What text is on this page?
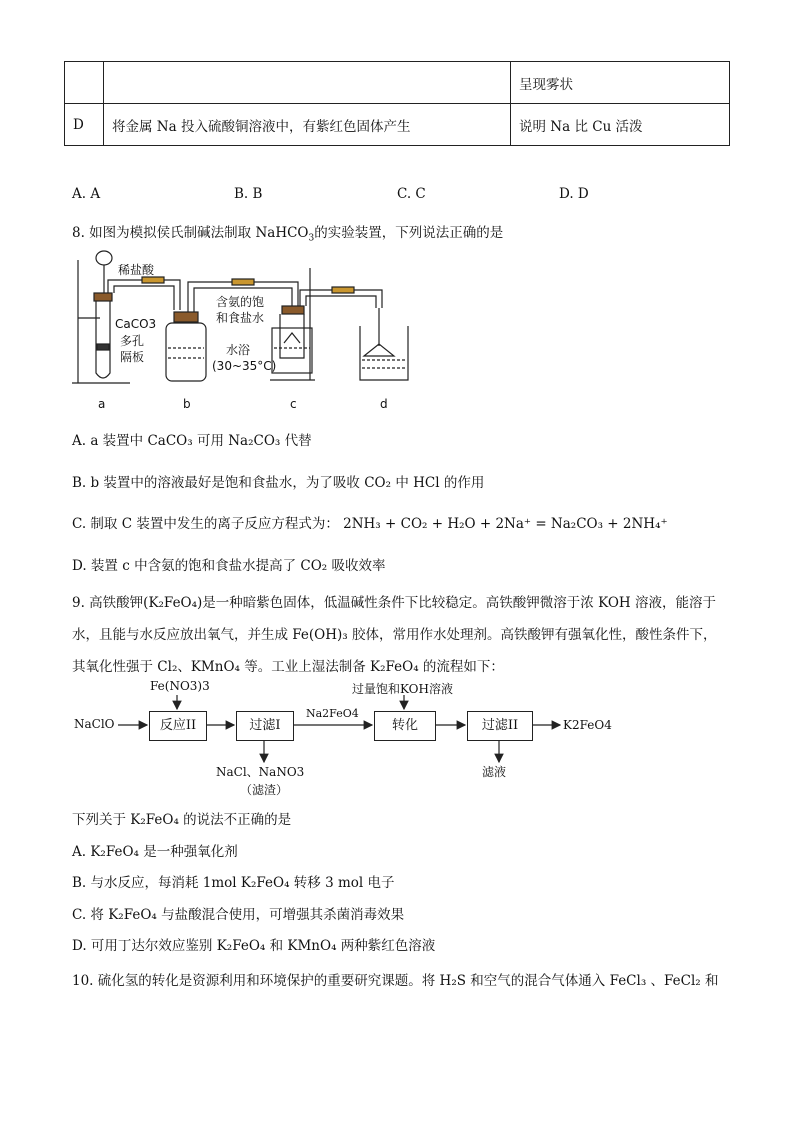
		呈现雾状
D	将金属 Na 投入硫酸铜溶液中，有紫红色固体产生	说明 Na 比 Cu 活泼
A. A	B. B	C. C	D. D
8. 如图为模拟侯氏制碱法制取 NaHCO$_3$的实验装置，下列说法正确的是
稀盐酸
CaCO3
多孔
隔板
含氨的饱
和食盐水
水浴
(30~35°C)
a	b	c	d
A. a 装置中 CaCO₃ 可用 Na₂CO₃ 代替
B. b 装置中的溶液最好是饱和食盐水，为了吸收 CO₂ 中 HCl 的作用
C. 制取 C 装置中发生的离子反应方程式为： 2NH₃ + CO₂ + H₂O + 2Na⁺ = Na₂CO₃ + 2NH₄⁺
D. 装置 c 中含氨的饱和食盐水提高了 CO₂ 吸收效率
9. 高铁酸钾(K₂FeO₄)是一种暗紫色固体，低温碱性条件下比较稳定。高铁酸钾微溶于浓 KOH 溶液，能溶于
水，且能与水反应放出氧气，并生成 Fe(OH)₃ 胶体，常用作水处理剂。高铁酸钾有强氧化性，酸性条件下，
其氧化性强于 Cl₂、KMnO₄ 等。工业上湿法制备 K₂FeO₄ 的流程如下：
Fe(NO3)3	过量饱和KOH溶液
NaClO	反应II	过滤I
Na2FeO4
转化	过滤II	K2FeO4
NaCl、NaNO3
（滤渣）
滤液
下列关于 K₂FeO₄ 的说法不正确的是
A. K₂FeO₄ 是一种强氧化剂
B. 与水反应，每消耗 1mol K₂FeO₄ 转移 3 mol 电子
C. 将 K₂FeO₄ 与盐酸混合使用，可增强其杀菌消毒效果
D. 可用丁达尔效应鉴别 K₂FeO₄ 和 KMnO₄ 两种紫红色溶液
10. 硫化氢的转化是资源利用和环境保护的重要研究课题。将 H₂S 和空气的混合气体通入 FeCl₃ 、FeCl₂ 和
